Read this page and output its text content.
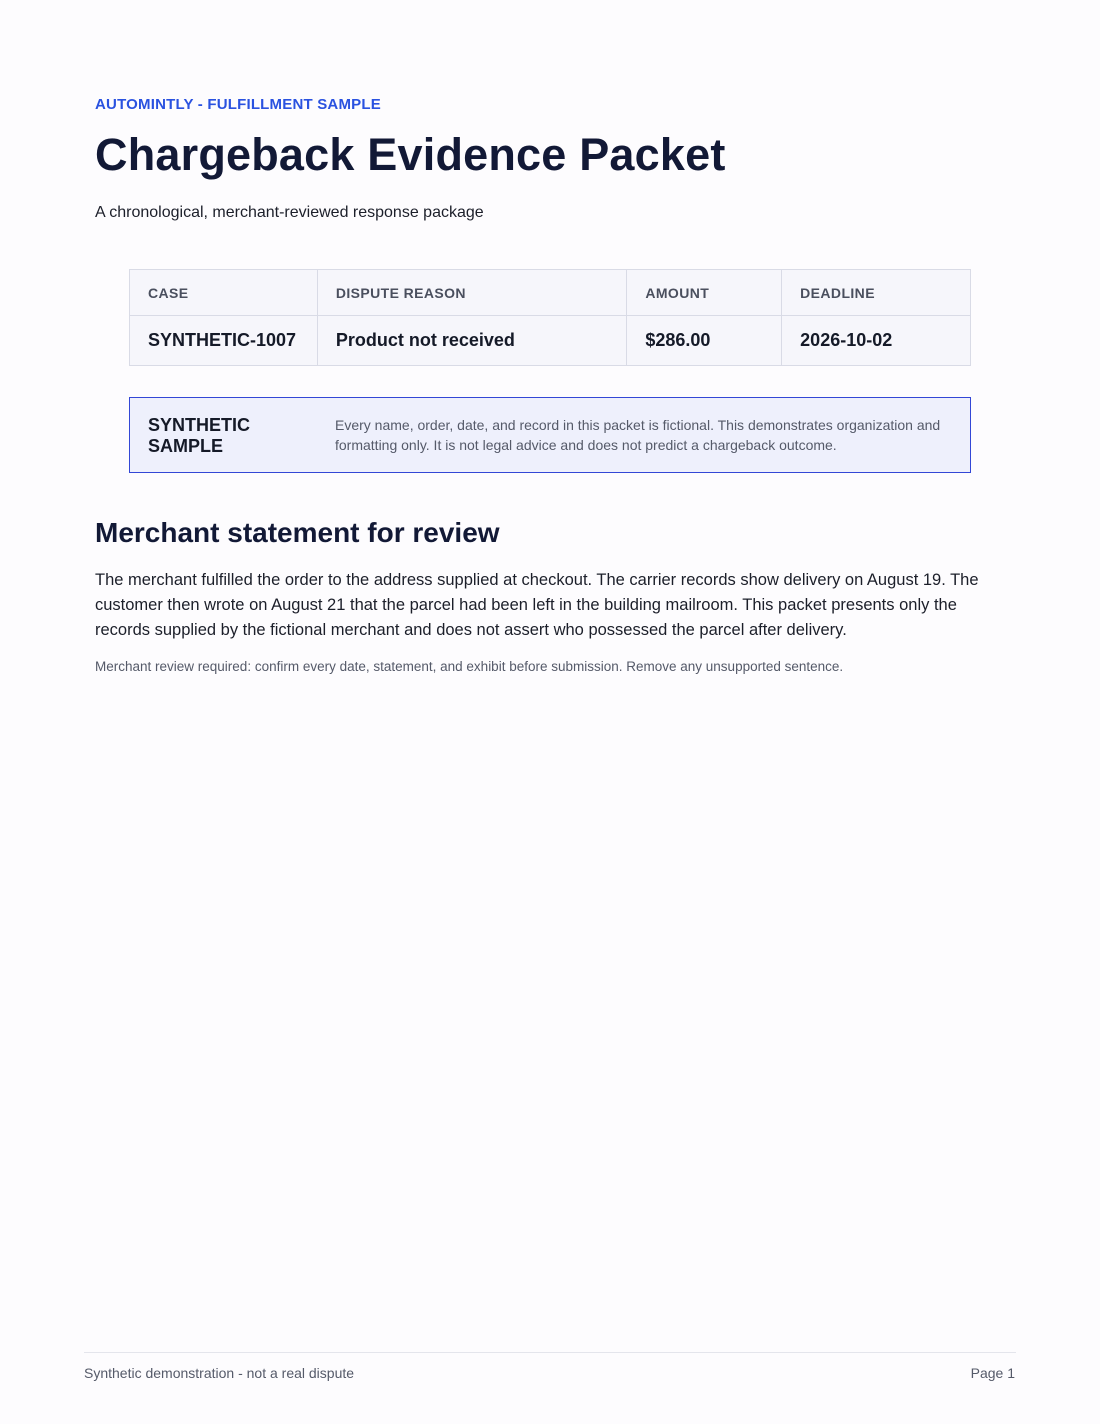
AUTOMINTLY - FULFILLMENT SAMPLE
Chargeback Evidence Packet
A chronological, merchant-reviewed response package
CASE	DISPUTE REASON	AMOUNT	DEADLINE
SYNTHETIC-1007	Product not received	$286.00	2026-10-02
SYNTHETIC
SAMPLE
Every name, order, date, and record in this packet is fictional. This demonstrates organization and formatting only. It is not legal advice and does not predict a chargeback outcome.
Merchant statement for review

The merchant fulfilled the order to the address supplied at checkout. The carrier records show delivery on August 19. The customer then wrote on August 21 that the parcel had been left in the building mailroom. This packet presents only the records supplied by the fictional merchant and does not assert who possessed the parcel after delivery.

Merchant review required: confirm every date, statement, and exhibit before submission. Remove any unsupported sentence.
Synthetic demonstration - not a real dispute	Page 1
